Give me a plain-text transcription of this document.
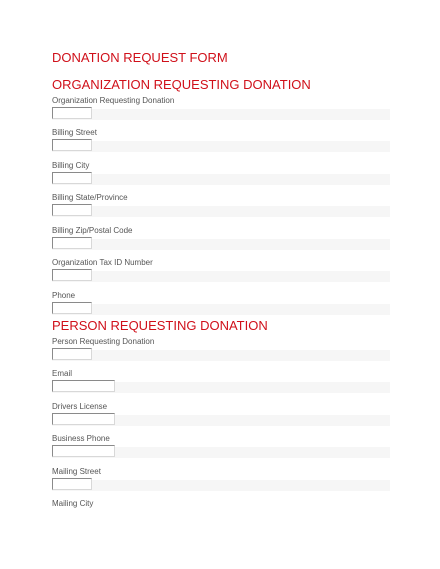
DONATION REQUEST FORM
ORGANIZATION REQUESTING DONATION
Organization Requesting Donation
Billing Street
Billing City
Billing State/Province
Billing Zip/Postal Code
Organization Tax ID Number
Phone
PERSON REQUESTING DONATION
Person Requesting Donation
Email
Drivers License
Business Phone
Mailing Street
Mailing City
